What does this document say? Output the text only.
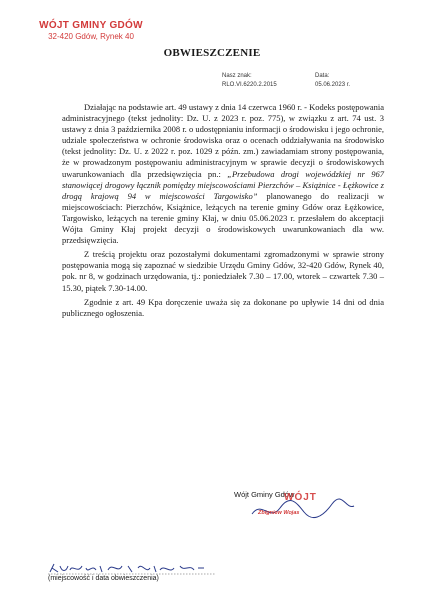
WÓJT GMINY GDÓW
32-420 Gdów, Rynek 40
OBWIESZCZENIE
Nasz znak:
RLO.VI.6220.2.2015
Data:
05.06.2023 r.

Działając na podstawie art. 49 ustawy z dnia 14 czerwca 1960 r. - Kodeks postępowania administracyjnego (tekst jednolity: Dz. U. z 2023 r. poz. 775), w związku z art. 74 ust. 3 ustawy z dnia 3 października 2008 r. o udostępnianiu informacji o środowisku i jego ochronie, udziale społeczeństwa w ochronie środowiska oraz o ocenach oddziaływania na środowisko (tekst jednolity: Dz. U. z 2022 r. poz. 1029 z późn. zm.) zawiadamiam strony postępowania, że w prowadzonym postępowaniu administracyjnym w sprawie decyzji o środowiskowych uwarunkowaniach dla przedsięwzięcia pn.: „Przebudowa drogi wojewódzkiej nr 967 stanowiącej drogowy łącznik pomiędzy miejscowościami Pierzchów – Książnice - Łężkowice z drogą krajową 94 w miejscowości Targowisko” planowanego do realizacji w miejscowościach: Pierzchów, Książnice, leżących na terenie gminy Gdów oraz Łężkowice, Targowisko, leżących na terenie gminy Kłaj, w dniu 05.06.2023 r. przesłałem do akceptacji Wójta Gminy Kłaj projekt decyzji o środowiskowych uwarunkowaniach dla ww. przedsięwzięcia.

Z treścią projektu oraz pozostałymi dokumentami zgromadzonymi w sprawie strony postępowania mogą się zapoznać w siedzibie Urzędu Gminy Gdów, 32-420 Gdów, Rynek 40, pok. nr 8, w godzinach urzędowania, tj.: poniedziałek 7.30 – 17.00, wtorek – czwartek 7.30 – 15.30, piątek 7.30-14.00.

Zgodnie z art. 49 Kpa doręczenie uważa się za dokonane po upływie 14 dni od dnia publicznego ogłoszenia.

Wójt Gminy Gdów
WÓJT
Zbigniew Wojas
(miejscowość i data obwieszczenia)
